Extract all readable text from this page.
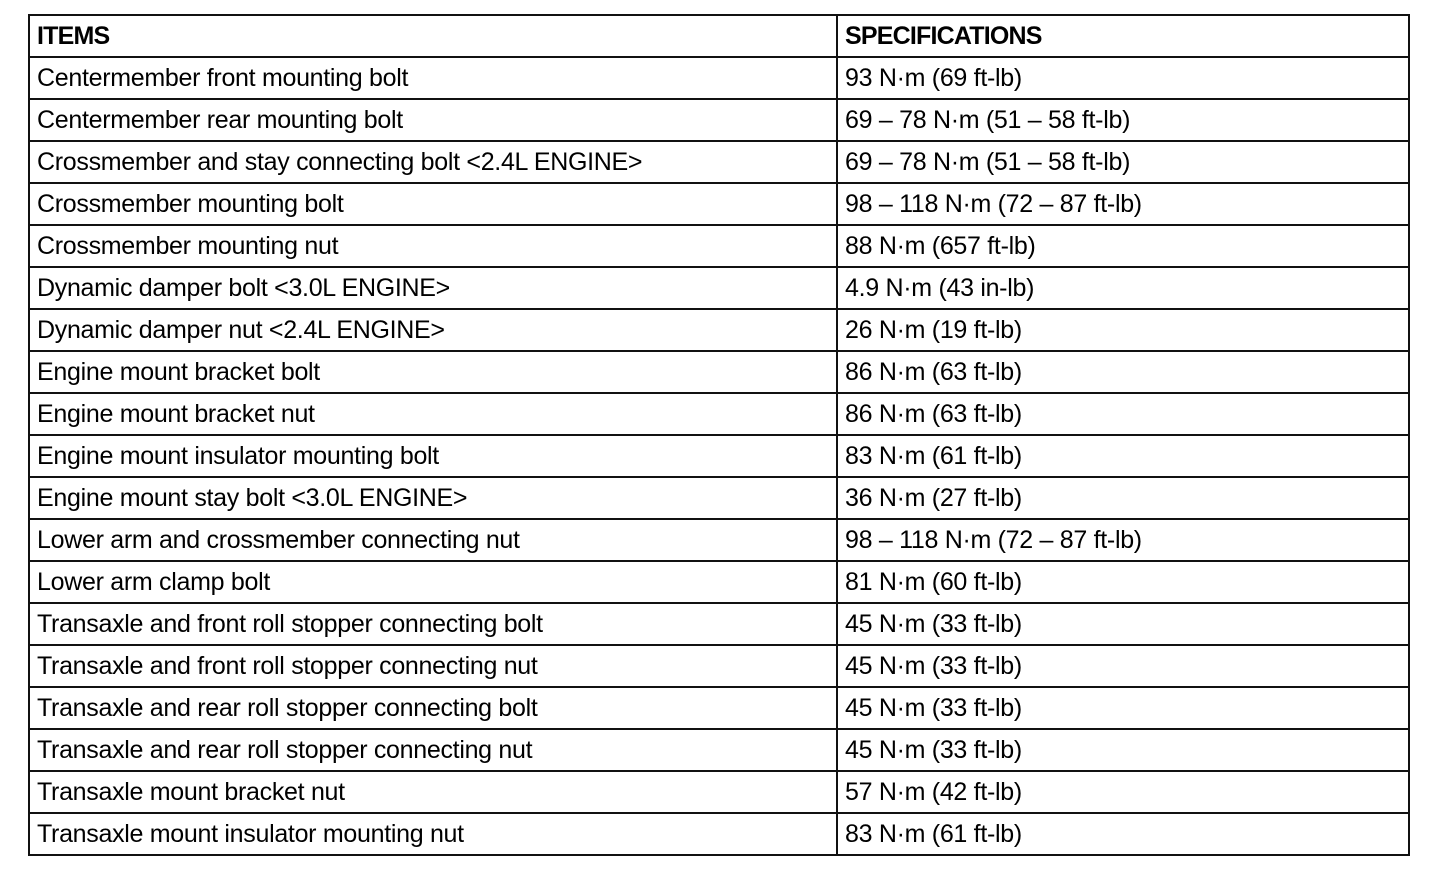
ITEMS	SPECIFICATIONS
Centermember front mounting bolt	93 N·m (69 ft-lb)
Centermember rear mounting bolt	69 – 78 N·m (51 – 58 ft-lb)
Crossmember and stay connecting bolt <2.4L ENGINE>	69 – 78 N·m (51 – 58 ft-lb)
Crossmember mounting bolt	98 – 118 N·m (72 – 87 ft-lb)
Crossmember mounting nut	88 N·m (657 ft-lb)
Dynamic damper bolt <3.0L ENGINE>	4.9 N·m (43 in-lb)
Dynamic damper nut <2.4L ENGINE>	26 N·m (19 ft-lb)
Engine mount bracket bolt	86 N·m (63 ft-lb)
Engine mount bracket nut	86 N·m (63 ft-lb)
Engine mount insulator mounting bolt	83 N·m (61 ft-lb)
Engine mount stay bolt <3.0L ENGINE>	36 N·m (27 ft-lb)
Lower arm and crossmember connecting nut	98 – 118 N·m (72 – 87 ft-lb)
Lower arm clamp bolt	81 N·m (60 ft-lb)
Transaxle and front roll stopper connecting bolt	45 N·m (33 ft-lb)
Transaxle and front roll stopper connecting nut	45 N·m (33 ft-lb)
Transaxle and rear roll stopper connecting bolt	45 N·m (33 ft-lb)
Transaxle and rear roll stopper connecting nut	45 N·m (33 ft-lb)
Transaxle mount bracket nut	57 N·m (42 ft-lb)
Transaxle mount insulator mounting nut	83 N·m (61 ft-lb)
